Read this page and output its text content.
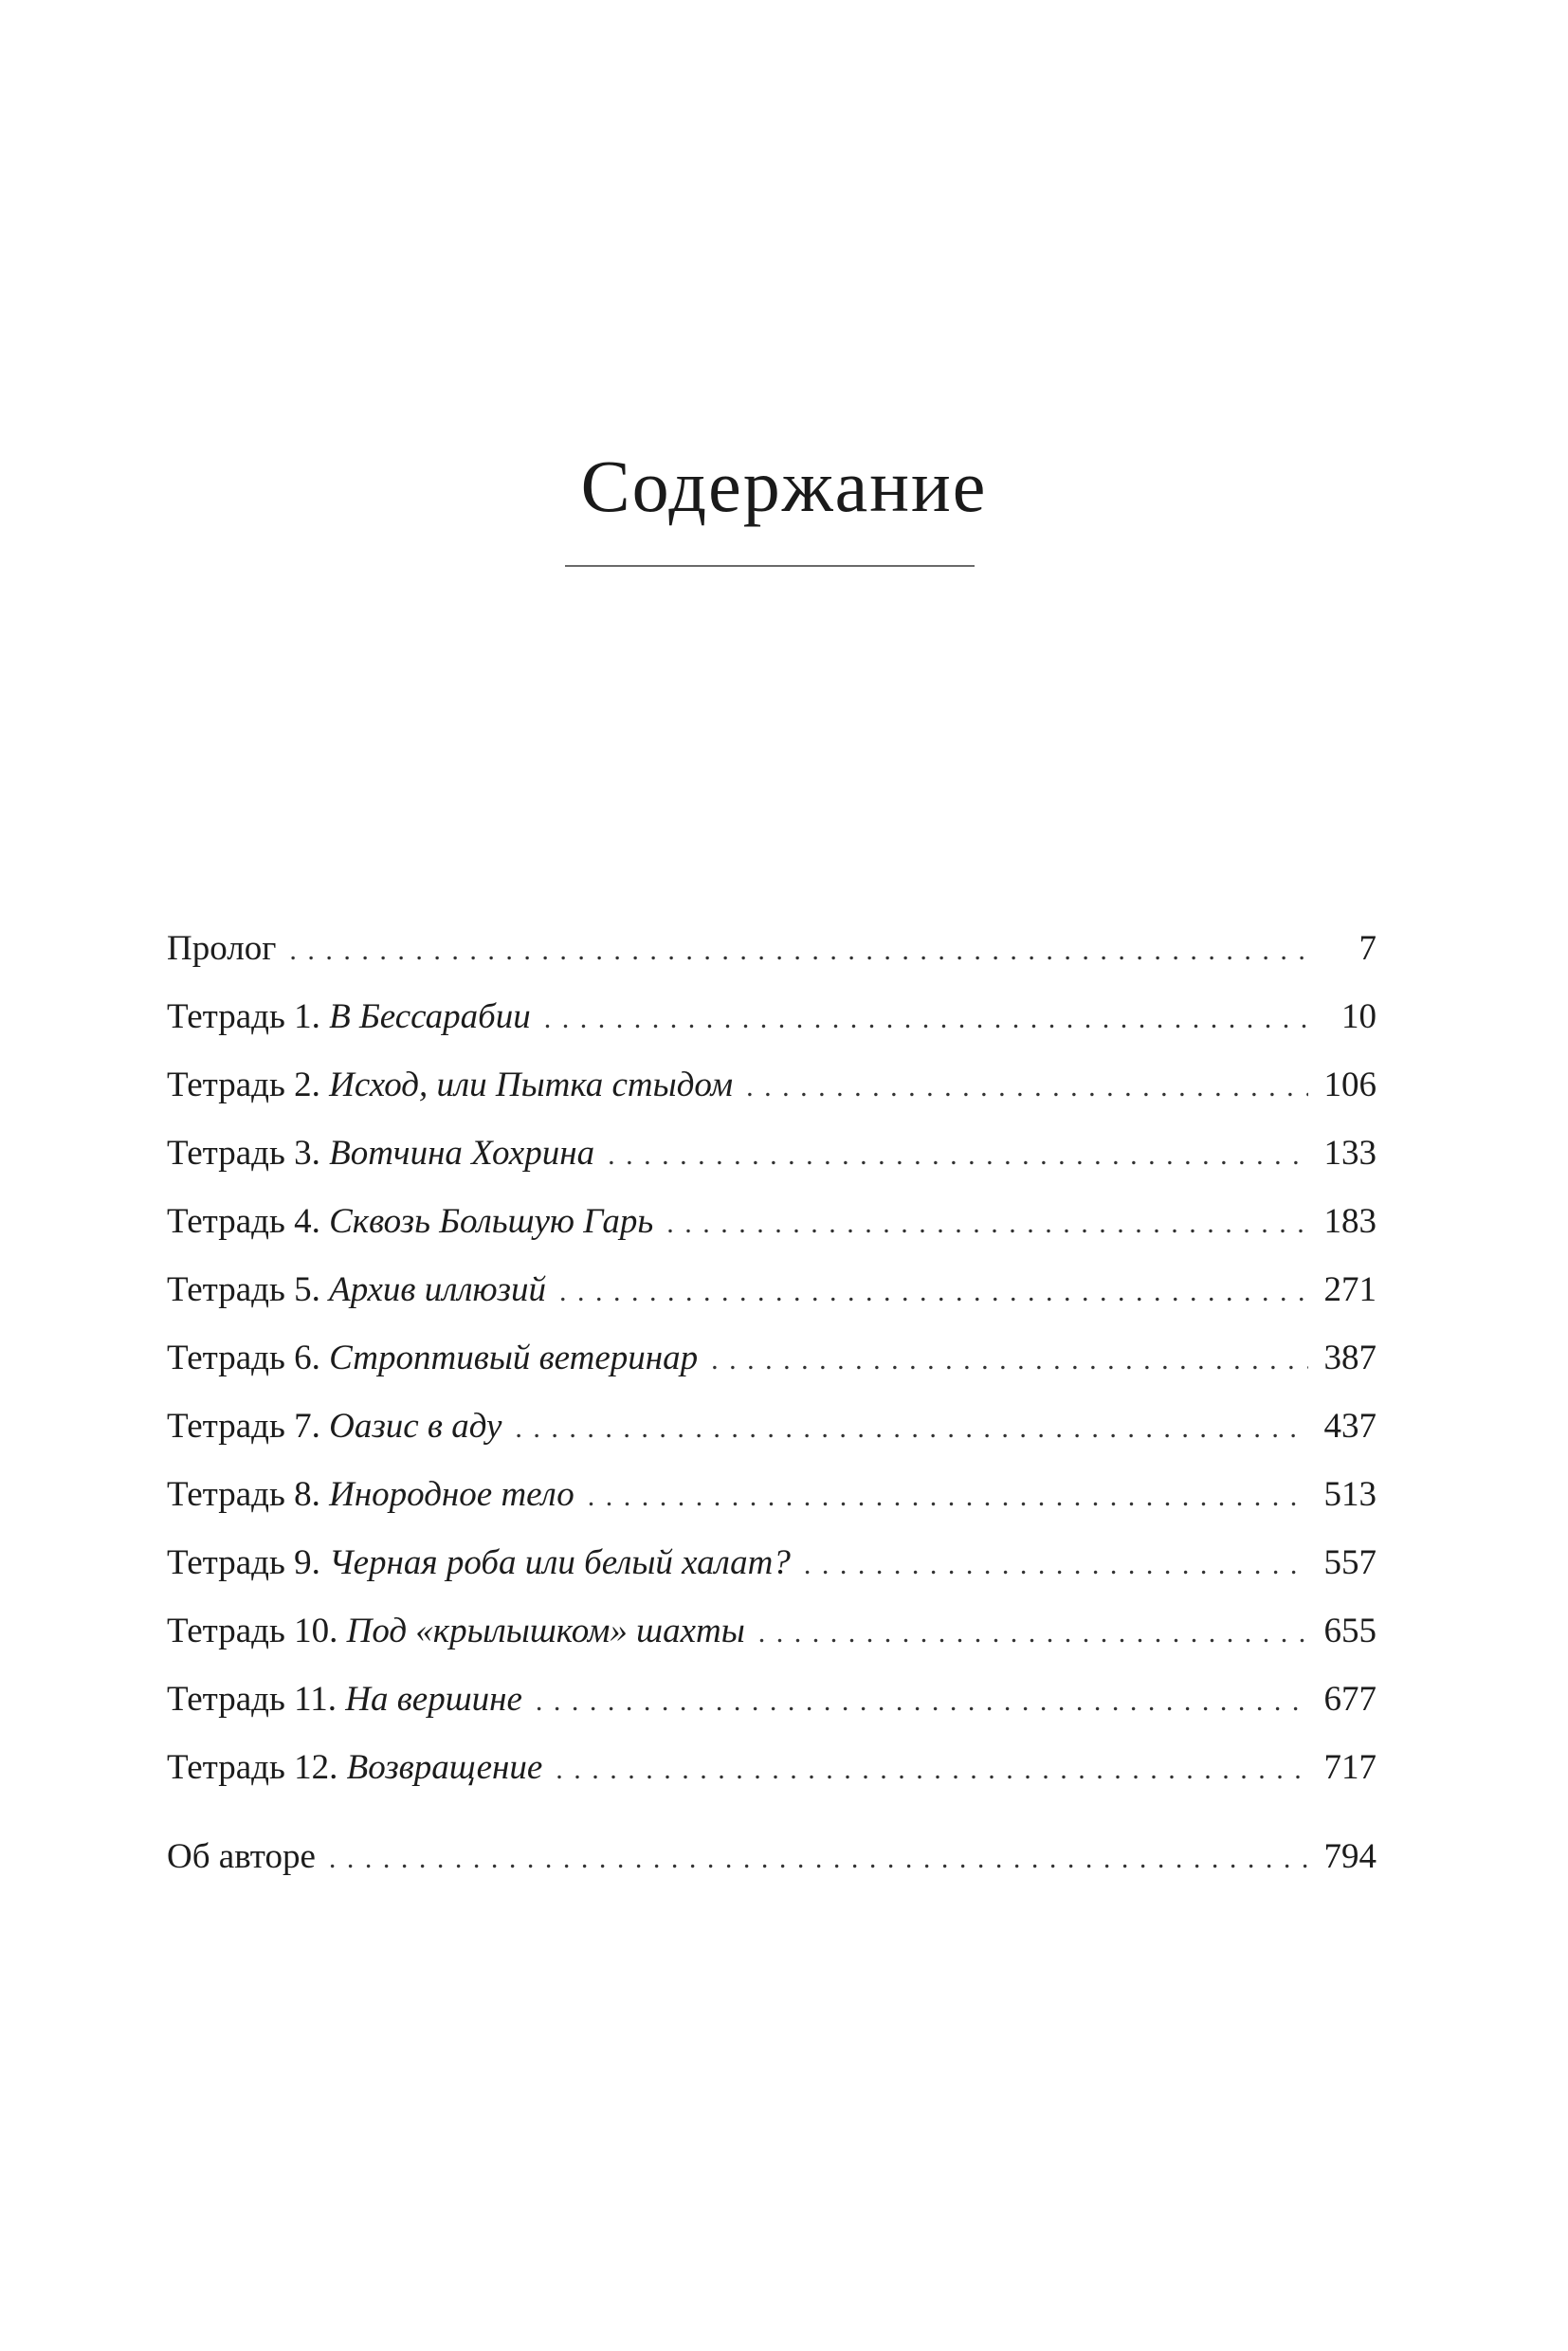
Содержание
Пролог . . .	7
Тетрадь 1. В Бессарабии . . .	10
Тетрадь 2. Исход, или Пытка стыдом . . .	106
Тетрадь 3. Вотчина Хохрина . . .	133
Тетрадь 4. Сквозь Большую Гарь . . .	183
Тетрадь 5. Архив иллюзий . . .	271
Тетрадь 6. Строптивый ветеринар . . .	387
Тетрадь 7. Оазис в аду . . .	437
Тетрадь 8. Инородное тело . . .	513
Тетрадь 9. Черная роба или белый халат? . . .	557
Тетрадь 10. Под «крылышком» шахты . . .	655
Тетрадь 11. На вершине . . .	677
Тетрадь 12. Возвращение . . .	717
Об авторе . . .	794
